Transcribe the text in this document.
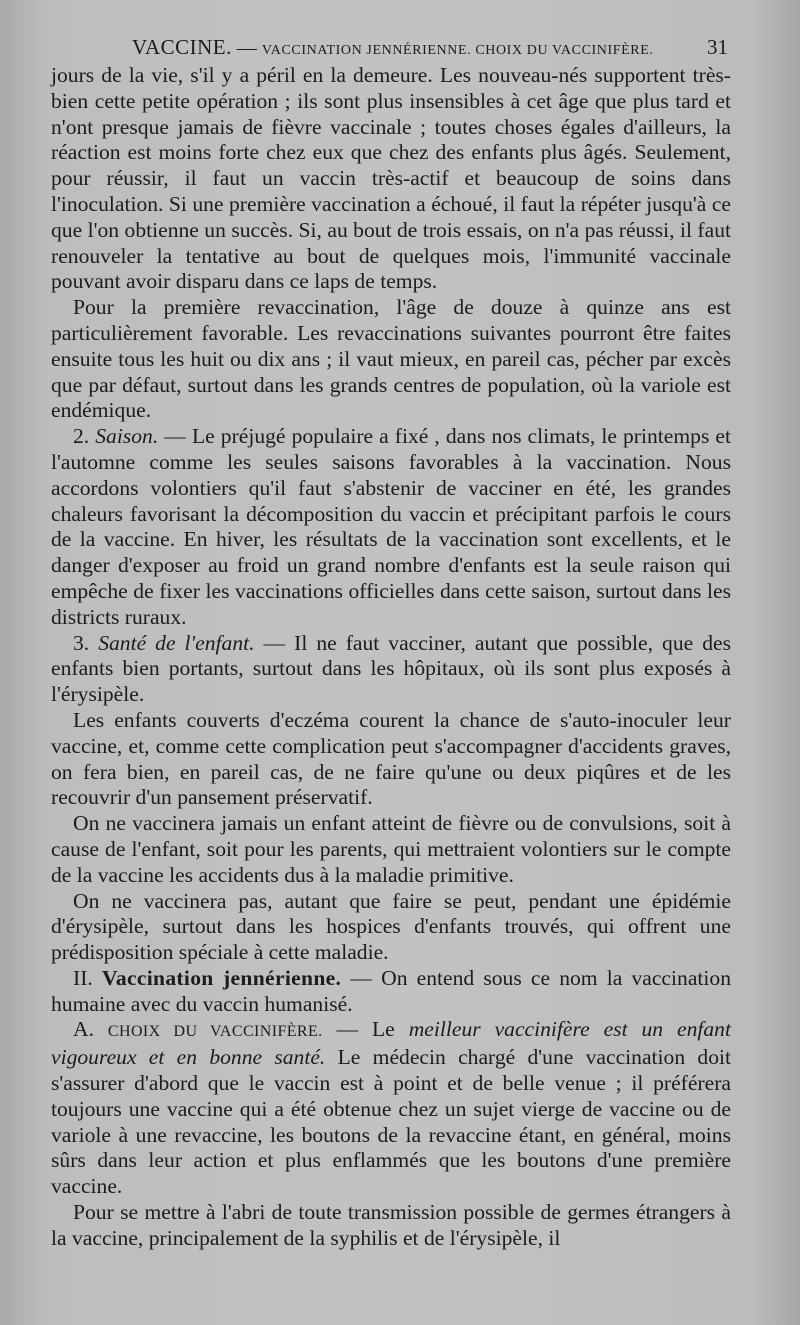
VACCINE. — VACCINATION JENNÉRIENNE. CHOIX DU VACCINIFÈRE.	31

jours de la vie, s'il y a péril en la demeure. Les nouveau-nés supportent très-bien cette petite opération ; ils sont plus insensibles à cet âge que plus tard et n'ont presque jamais de fièvre vaccinale ; toutes choses égales d'ailleurs, la réaction est moins forte chez eux que chez des enfants plus âgés. Seulement, pour réussir, il faut un vaccin très-actif et beaucoup de soins dans l'inoculation. Si une première vaccination a échoué, il faut la répéter jusqu'à ce que l'on obtienne un succès. Si, au bout de trois essais, on n'a pas réussi, il faut renouveler la tentative au bout de quelques mois, l'immunité vaccinale pouvant avoir disparu dans ce laps de temps.

Pour la première revaccination, l'âge de douze à quinze ans est particulièrement favorable. Les revaccinations suivantes pourront être faites ensuite tous les huit ou dix ans ; il vaut mieux, en pareil cas, pécher par excès que par défaut, surtout dans les grands centres de population, où la variole est endémique.

2. Saison. — Le préjugé populaire a fixé , dans nos climats, le printemps et l'automne comme les seules saisons favorables à la vaccination. Nous accordons volontiers qu'il faut s'abstenir de vacciner en été, les grandes chaleurs favorisant la décomposition du vaccin et précipitant parfois le cours de la vaccine. En hiver, les résultats de la vaccination sont excellents, et le danger d'exposer au froid un grand nombre d'enfants est la seule raison qui empêche de fixer les vaccinations officielles dans cette saison, surtout dans les districts ruraux.

3. Santé de l'enfant. — Il ne faut vacciner, autant que possible, que des enfants bien portants, surtout dans les hôpitaux, où ils sont plus exposés à l'érysipèle.

Les enfants couverts d'eczéma courent la chance de s'auto-inoculer leur vaccine, et, comme cette complication peut s'accompagner d'accidents graves, on fera bien, en pareil cas, de ne faire qu'une ou deux piqûres et de les recouvrir d'un pansement préservatif.

On ne vaccinera jamais un enfant atteint de fièvre ou de convulsions, soit à cause de l'enfant, soit pour les parents, qui mettraient volontiers sur le compte de la vaccine les accidents dus à la maladie primitive.

On ne vaccinera pas, autant que faire se peut, pendant une épidémie d'érysipèle, surtout dans les hospices d'enfants trouvés, qui offrent une prédisposition spéciale à cette maladie.

II. Vaccination jennérienne. — On entend sous ce nom la vaccination humaine avec du vaccin humanisé.

A. CHOIX DU VACCINIFÈRE. — Le meilleur vaccinifère est un enfant vigoureux et en bonne santé. Le médecin chargé d'une vaccination doit s'assurer d'abord que le vaccin est à point et de belle venue ; il préférera toujours une vaccine qui a été obtenue chez un sujet vierge de vaccine ou de variole à une revaccine, les boutons de la revaccine étant, en général, moins sûrs dans leur action et plus enflammés que les boutons d'une première vaccine.

Pour se mettre à l'abri de toute transmission possible de germes étrangers à la vaccine, principalement de la syphilis et de l'érysipèle, il
